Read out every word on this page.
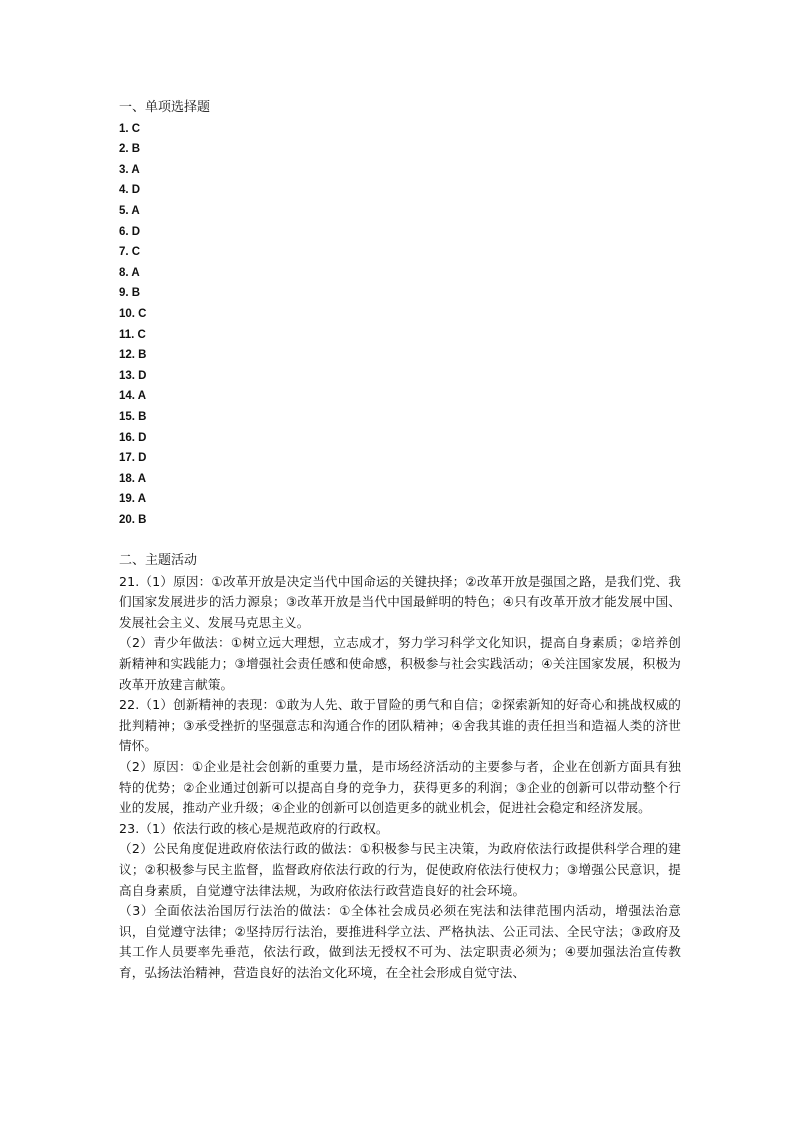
一、单项选择题
1. C
2. B
3. A
4. D
5. A
6. D
7. C
8. A
9. B
10. C
11. C
12. B
13. D
14. A
15. B
16. D
17. D
18. A
19. A
20. B
二、主题活动

21.（1）原因：①改革开放是决定当代中国命运的关键抉择；②改革开放是强国之路，是我们党、我们国家发展进步的活力源泉；③改革开放是当代中国最鲜明的特色；④只有改革开放才能发展中国、发展社会主义、发展马克思主义。

（2）青少年做法：①树立远大理想，立志成才，努力学习科学文化知识，提高自身素质；②培养创新精神和实践能力；③增强社会责任感和使命感，积极参与社会实践活动；④关注国家发展，积极为改革开放建言献策。

22.（1）创新精神的表现：①敢为人先、敢于冒险的勇气和自信；②探索新知的好奇心和挑战权威的批判精神；③承受挫折的坚强意志和沟通合作的团队精神；④舍我其谁的责任担当和造福人类的济世情怀。

（2）原因：①企业是社会创新的重要力量，是市场经济活动的主要参与者，企业在创新方面具有独特的优势；②企业通过创新可以提高自身的竞争力，获得更多的利润；③企业的创新可以带动整个行业的发展，推动产业升级；④企业的创新可以创造更多的就业机会，促进社会稳定和经济发展。

23.（1）依法行政的核心是规范政府的行政权。

（2）公民角度促进政府依法行政的做法：①积极参与民主决策，为政府依法行政提供科学合理的建议；②积极参与民主监督，监督政府依法行政的行为，促使政府依法行使权力；③增强公民意识，提高自身素质，自觉遵守法律法规，为政府依法行政营造良好的社会环境。

（3）全面依法治国厉行法治的做法：①全体社会成员必须在宪法和法律范围内活动，增强法治意识，自觉遵守法律；②坚持厉行法治，要推进科学立法、严格执法、公正司法、全民守法；③政府及其工作人员要率先垂范，依法行政，做到法无授权不可为、法定职责必须为；④要加强法治宣传教育，弘扬法治精神，营造良好的法治文化环境，在全社会形成自觉守法、
